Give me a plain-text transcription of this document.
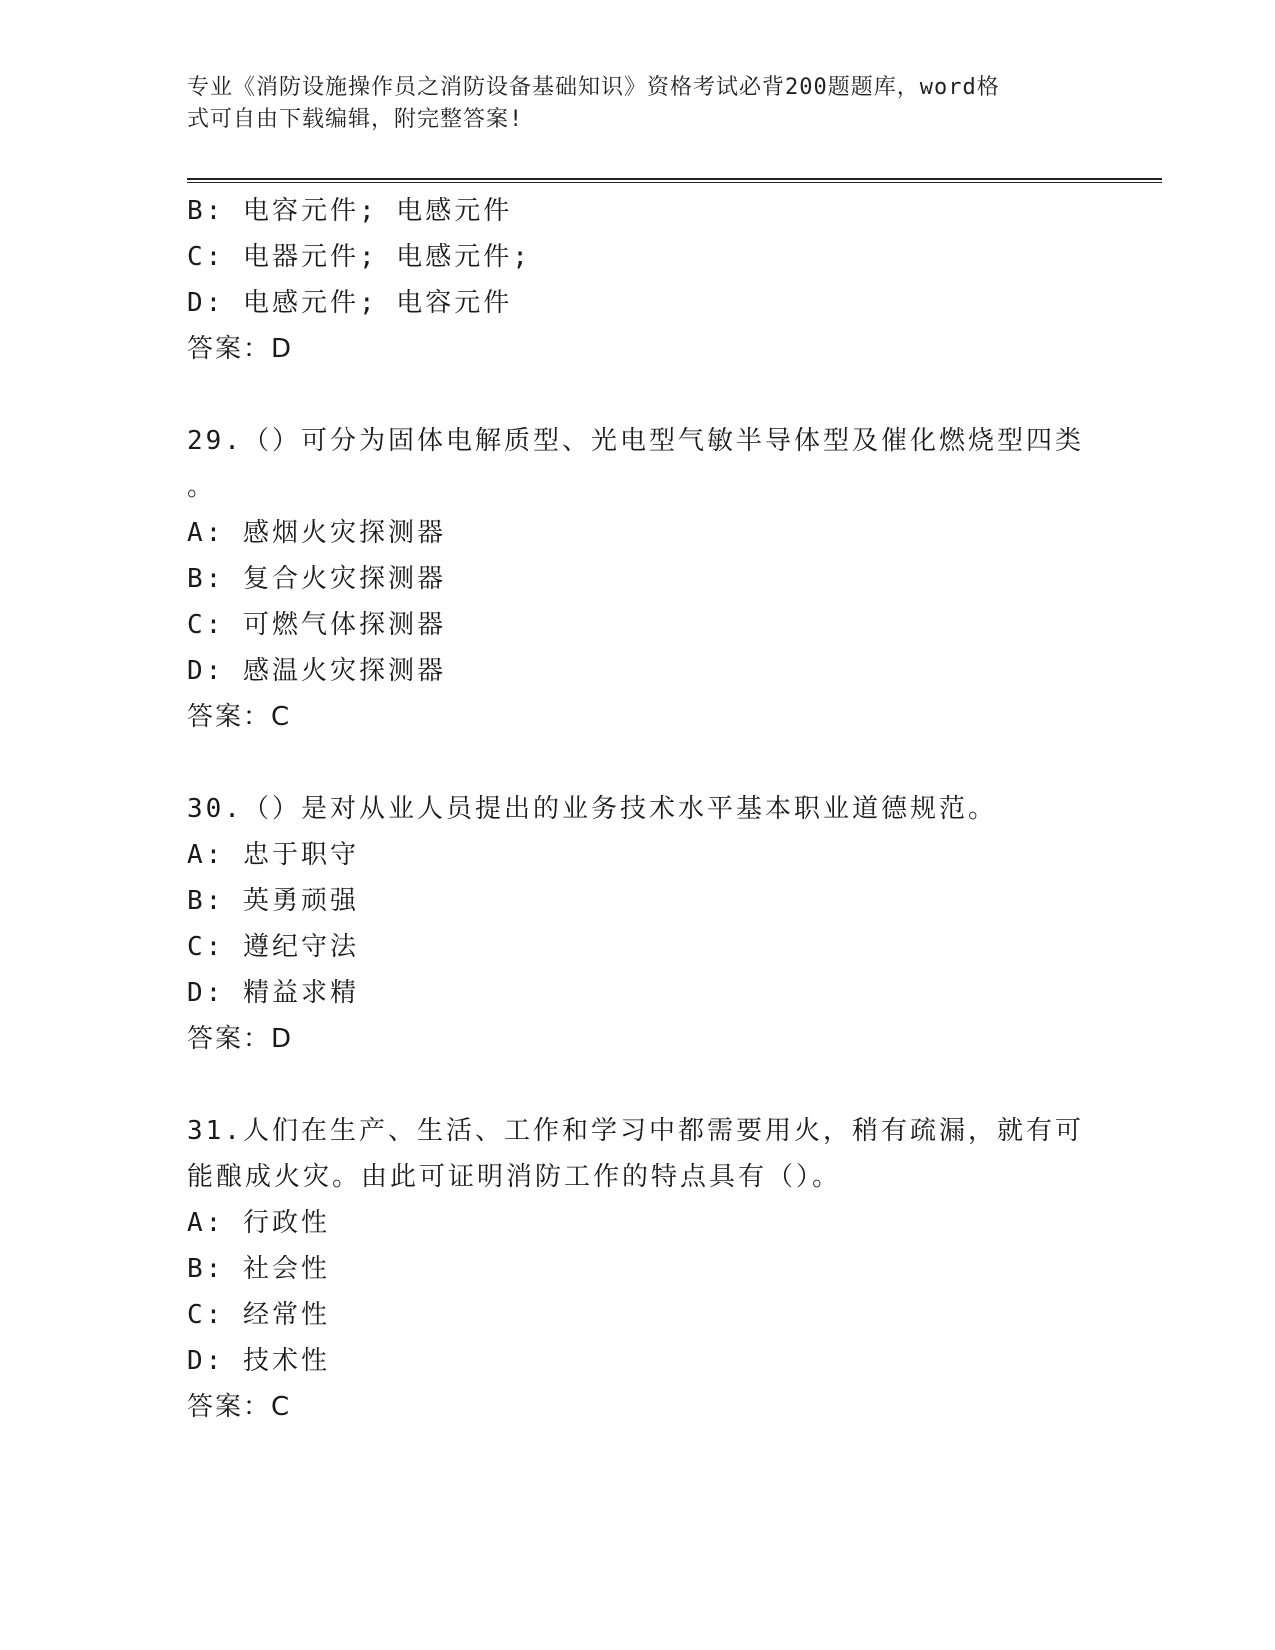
专业《消防设施操作员之消防设备基础知识》资格考试必背200题题库，word格
式可自由下载编辑，附完整答案!
B: 电容元件; 电感元件
C: 电器元件; 电感元件;
D: 电感元件; 电容元件
答案：D
29.（）可分为固体电解质型、光电型气敏半导体型及催化燃烧型四类
。
A: 感烟火灾探测器
B: 复合火灾探测器
C: 可燃气体探测器
D: 感温火灾探测器
答案：C
30.（）是对从业人员提出的业务技术水平基本职业道德规范。
A: 忠于职守
B: 英勇顽强
C: 遵纪守法
D: 精益求精
答案：D
31.人们在生产、生活、工作和学习中都需要用火，稍有疏漏，就有可
能酿成火灾。由此可证明消防工作的特点具有（）。
A: 行政性
B: 社会性
C: 经常性
D: 技术性
答案：C
